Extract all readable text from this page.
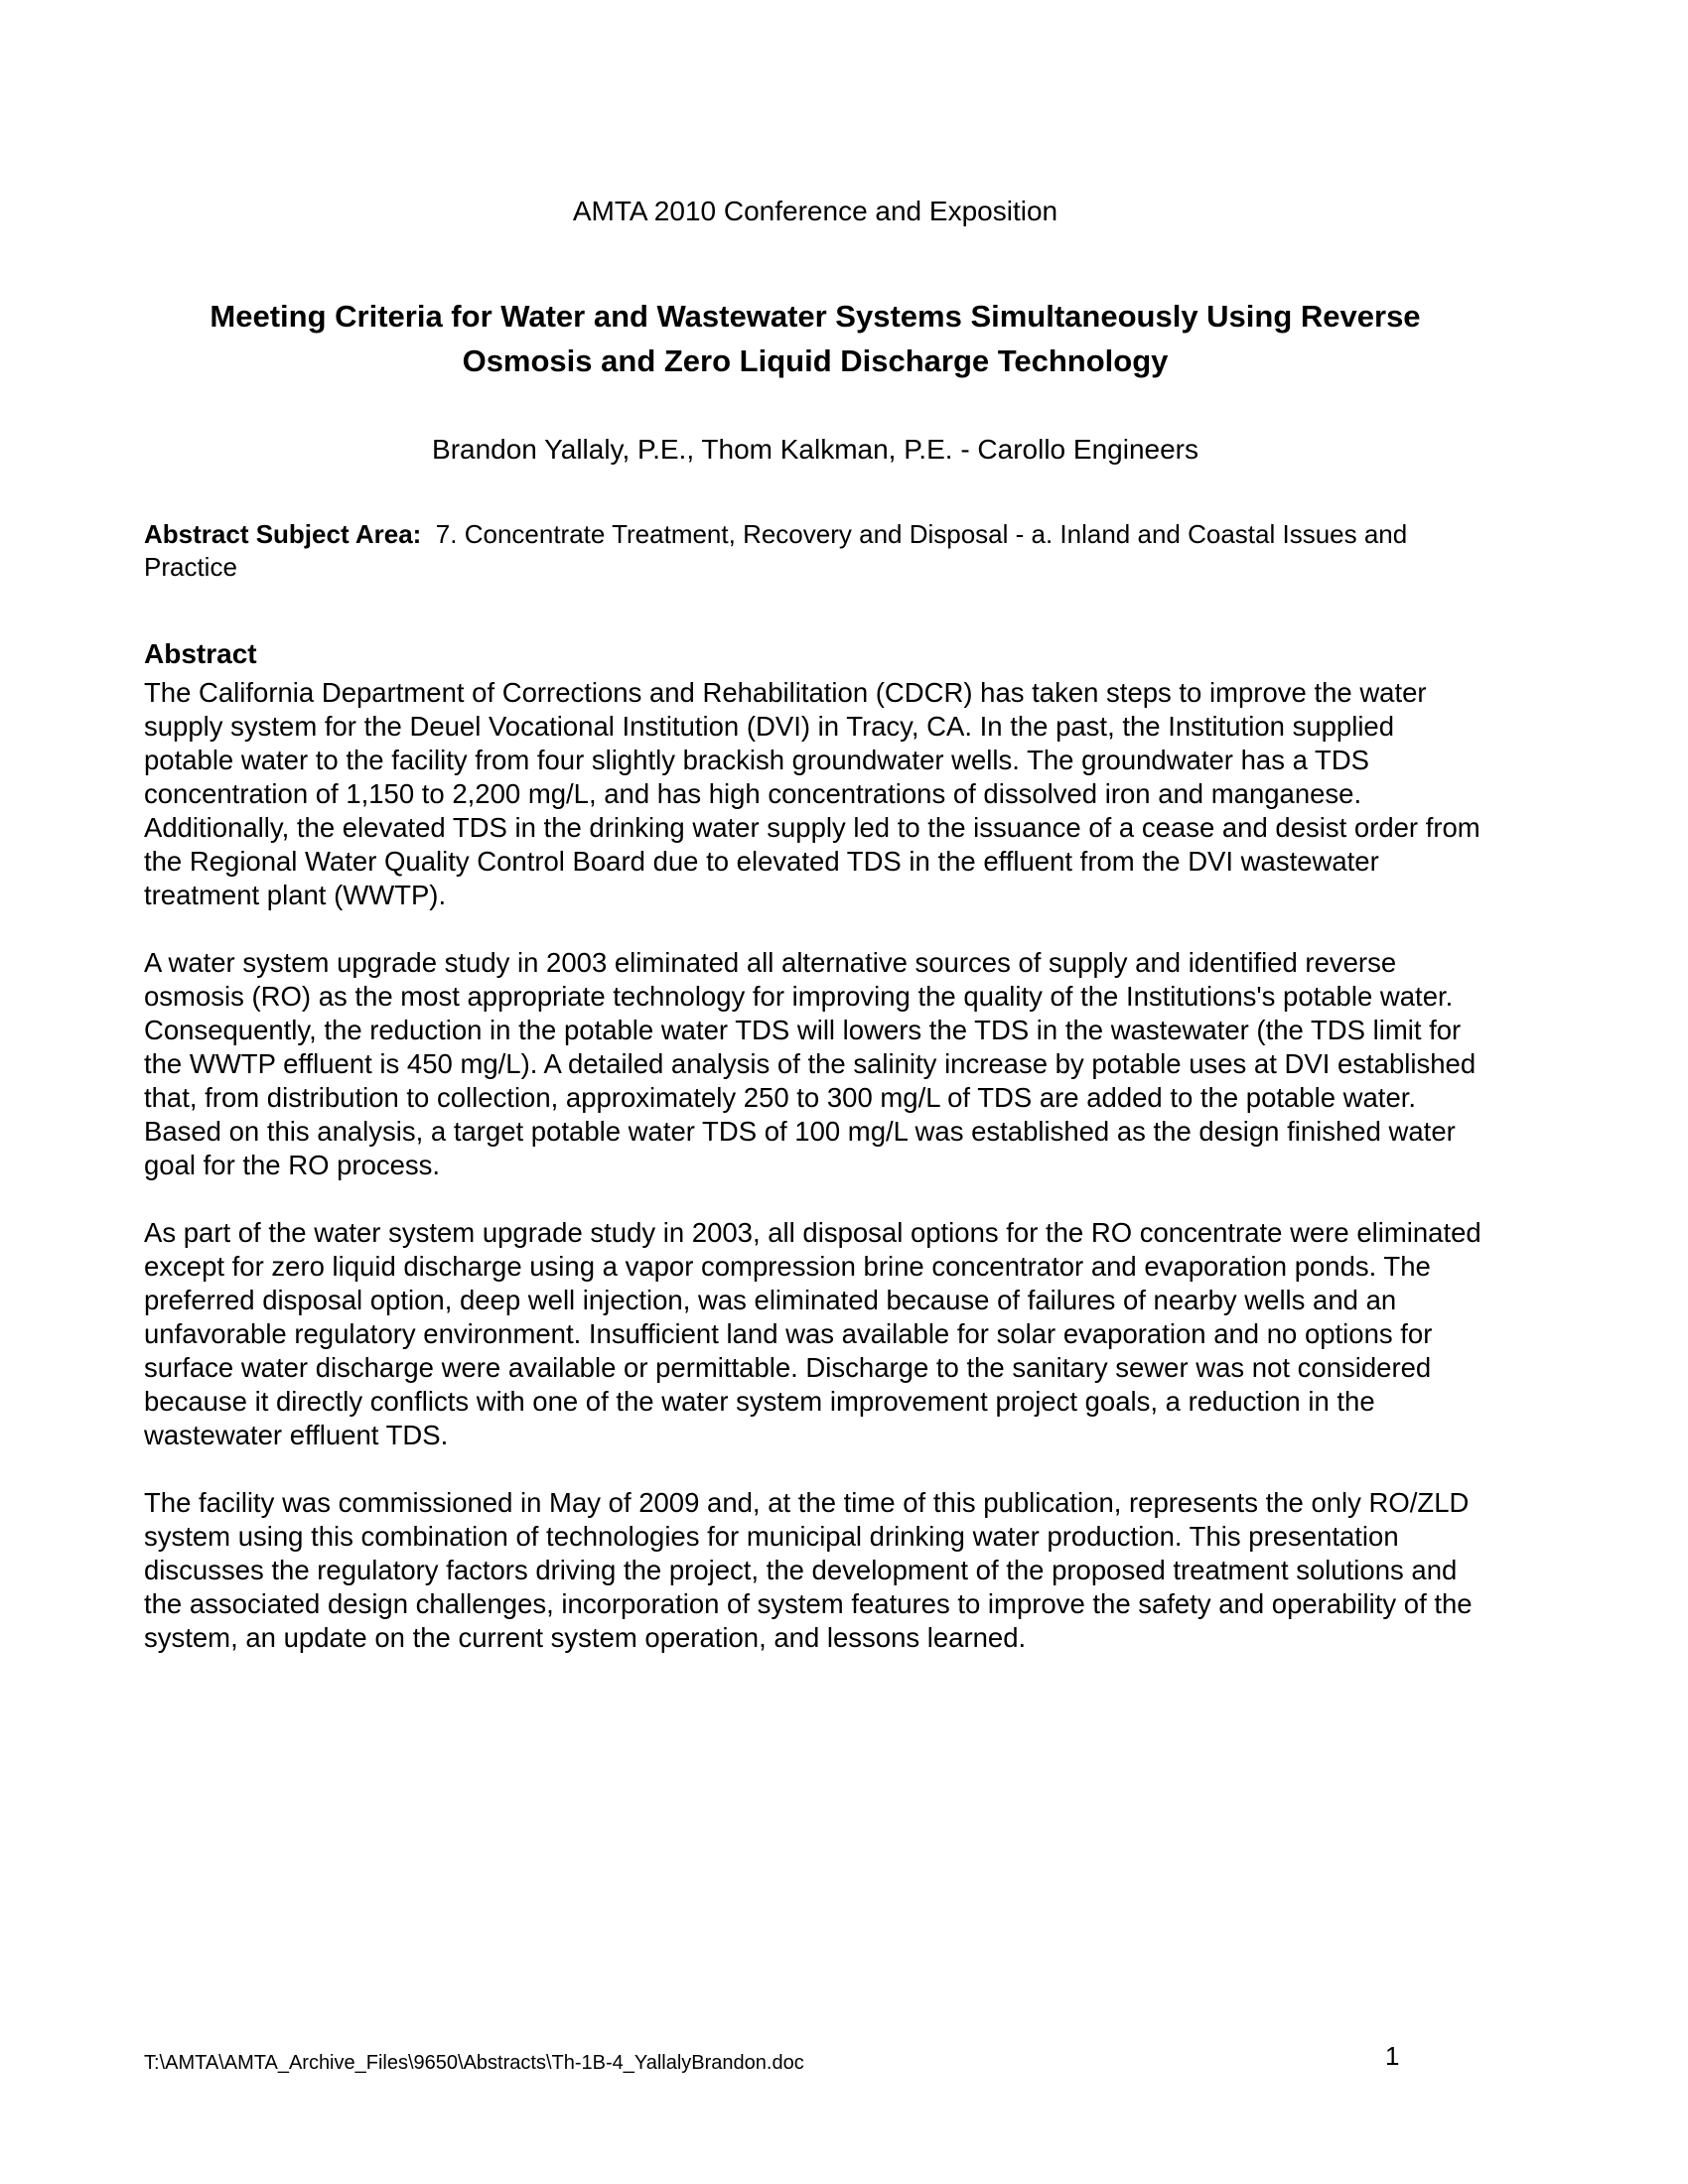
AMTA 2010 Conference and Exposition
Meeting Criteria for Water and Wastewater Systems Simultaneously Using Reverse
Osmosis and Zero Liquid Discharge Technology
Brandon Yallaly, P.E., Thom Kalkman, P.E. - Carollo Engineers
Abstract Subject Area: 7. Concentrate Treatment, Recovery and Disposal - a. Inland and Coastal Issues and Practice
Abstract

The California Department of Corrections and Rehabilitation (CDCR) has taken steps to improve the water supply system for the Deuel Vocational Institution (DVI) in Tracy, CA. In the past, the Institution supplied potable water to the facility from four slightly brackish groundwater wells. The groundwater has a TDS concentration of 1,150 to 2,200 mg/L, and has high concentrations of dissolved iron and manganese. Additionally, the elevated TDS in the drinking water supply led to the issuance of a cease and desist order from the Regional Water Quality Control Board due to elevated TDS in the effluent from the DVI wastewater treatment plant (WWTP).

A water system upgrade study in 2003 eliminated all alternative sources of supply and identified reverse osmosis (RO) as the most appropriate technology for improving the quality of the Institutions's potable water. Consequently, the reduction in the potable water TDS will lowers the TDS in the wastewater (the TDS limit for the WWTP effluent is 450 mg/L). A detailed analysis of the salinity increase by potable uses at DVI established that, from distribution to collection, approximately 250 to 300 mg/L of TDS are added to the potable water. Based on this analysis, a target potable water TDS of 100 mg/L was established as the design finished water goal for the RO process.

As part of the water system upgrade study in 2003, all disposal options for the RO concentrate were eliminated except for zero liquid discharge using a vapor compression brine concentrator and evaporation ponds. The preferred disposal option, deep well injection, was eliminated because of failures of nearby wells and an unfavorable regulatory environment. Insufficient land was available for solar evaporation and no options for surface water discharge were available or permittable. Discharge to the sanitary sewer was not considered because it directly conflicts with one of the water system improvement project goals, a reduction in the wastewater effluent TDS.

The facility was commissioned in May of 2009 and, at the time of this publication, represents the only RO/ZLD system using this combination of technologies for municipal drinking water production. This presentation discusses the regulatory factors driving the project, the development of the proposed treatment solutions and the associated design challenges, incorporation of system features to improve the safety and operability of the system, an update on the current system operation, and lessons learned.

T:\AMTA\AMTA_Archive_Files\9650\Abstracts\Th-1B-4_YallalyBrandon.doc	1
